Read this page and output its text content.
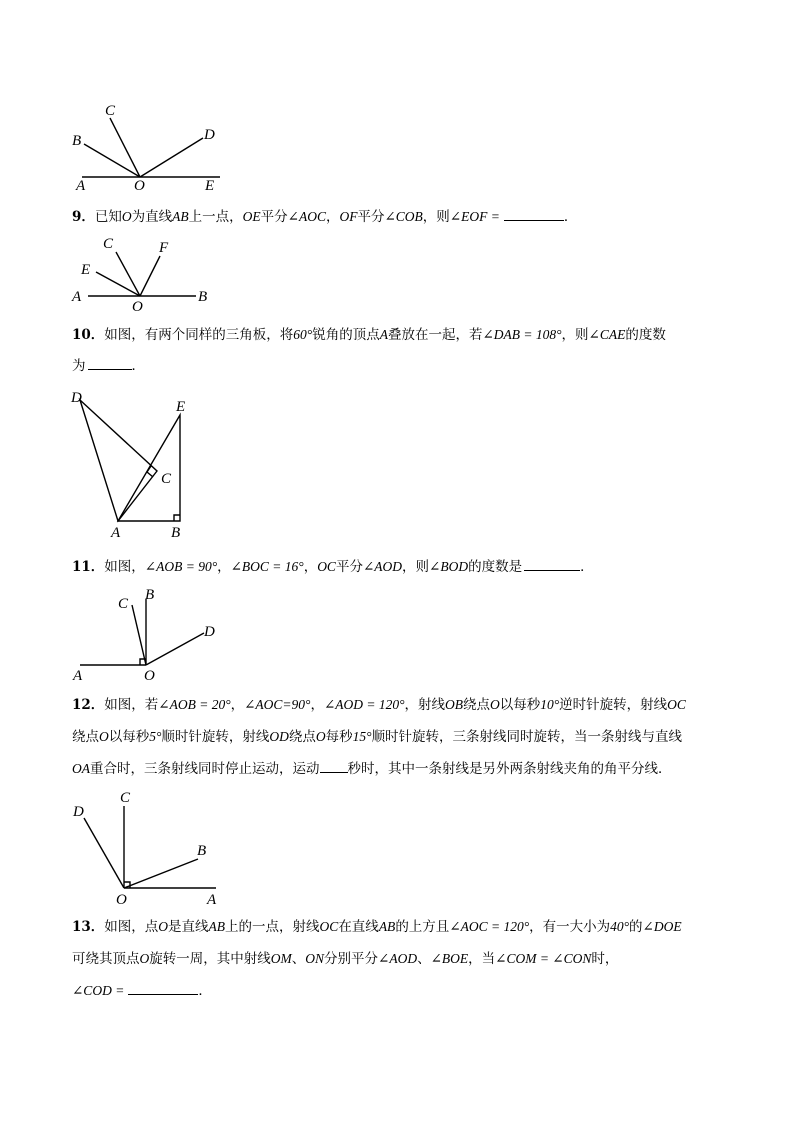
C
B	D
A	O	E
9．已知O为直线AB上一点，OE平分∠AOC，OF平分∠COB，则∠EOF =	．
C	F
E
A
O
B
10．如图，有两个同样的三角板，将60°锐角的顶点A叠放在一起，若∠DAB = 108°，则∠CAE的度数
为	．
D
E
C
A	B
11．如图，∠AOB = 90°，∠BOC = 16°，OC平分∠AOD，则∠BOD的度数是	．
C
B
D
A	O
12．如图，若∠AOB = 20°，∠AOC=90°，∠AOD = 120°，射线OB绕点O以每秒10°逆时针旋转，射线OC
绕点O以每秒5°顺时针旋转，射线OD绕点O每秒15°顺时针旋转，三条射线同时旋转，当一条射线与直线
OA重合时，三条射线同时停止运动，运动 秒时，其中一条射线是另外两条射线夹角的角平分线．
D
C
B
O	A
13．如图，点O是直线AB上的一点，射线OC在直线AB的上方且∠AOC = 120°，有一大小为40°的∠DOE
可绕其顶点O旋转一周，其中射线OM、ON分别平分∠AOD、∠BOE，当∠COM = ∠CON时，
∠COD =	．
